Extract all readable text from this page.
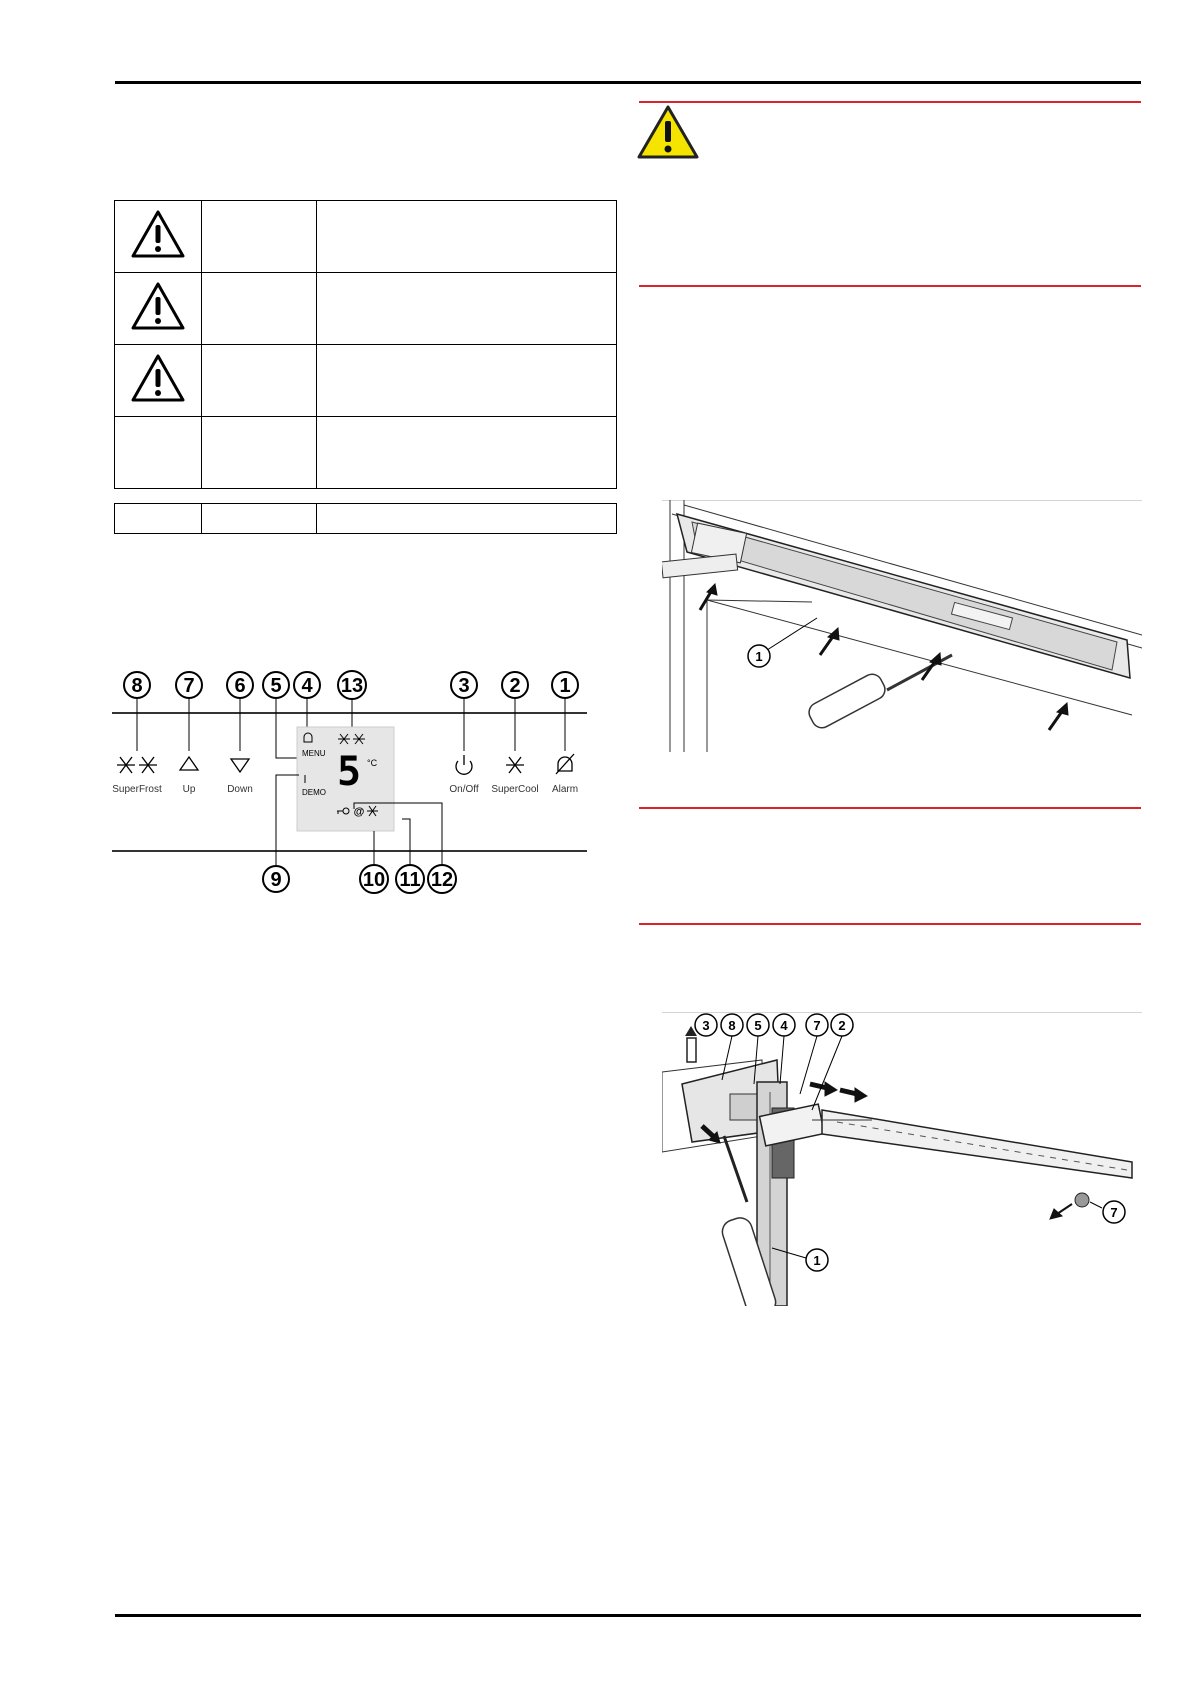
8 7 6 5 4 13	3 2 1
SuperFrost Up	Down	On/Off SuperCool Alarm
MENU
DEMO 5 °C
@
9	10 11 12
1
3 8 5 4 7 2
1
7
